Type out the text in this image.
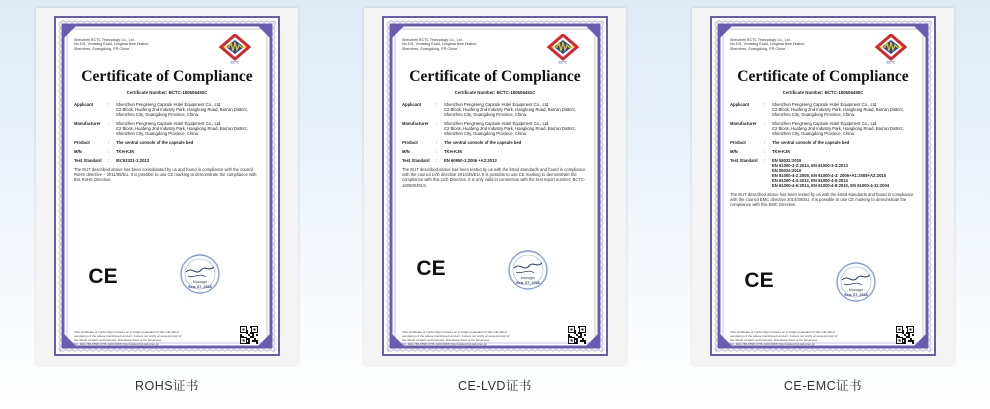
Shenzhen BCTC Technology Co., Ltd.
No.101, Youxiang Road, Longhua New District,
Shenzhen, Guangdong, P.R.China
BCTC
Certificate of Compliance
Certificate Number: BCTC-160506492C
Applicant	:	Shenzhen PengHeng Capsule Hotel Equipment Co., Ltd.
C2 Block, Huafeng 2nd Industry Park, Hangkong Road, Bao'an District,
Shenzhen City, Guangdong Province, China.
Manufacturer	:	Shenzhen PengHeng Capsule Hotel Equipment Co., Ltd.
C2 Block, Huafeng 2nd Industry Park, Hangkong Road, Bao'an District,
Shenzhen City, Guangdong Province, China.
Product	:	The central console of the capsule bed
M/N	:	TKH-KJK
Test Standard	:	IEC62321-1:2013
The EUT described above has been consolidated by us and found in compliance with the council RoHS directive – 2011/65/EU. It is possible to use CE marking to demonstrate the compliance with this RoHS Directive.
CE	Manager
Sep. 07, 2016
This certificate of conformity is based on a single evaluation of the submitted
sample(s) of the above mentioned product. It does not imply an assessment of
the whole product and relevant. Directives have to be observed.
Tel: 400-788-9558 0755-33019988 http://www.bctc-lab.com.cn
ROHS证书
Shenzhen BCTC Technology Co., Ltd.
No.101, Youxiang Road, Longhua New District,
Shenzhen, Guangdong, P.R.China
BCTC
Certificate of Compliance
Certificate Number: BCTC-160506491C
Applicant	:	Shenzhen PengHeng Capsule Hotel Equipment Co., Ltd.
C2 Block, Huafeng 2nd Industry Park, Hangkong Road, Bao'an District,
Shenzhen City, Guangdong Province, China.
Manufacturer	:	Shenzhen PengHeng Capsule Hotel Equipment Co., Ltd.
C2 Block, Huafeng 2nd Industry Park, Hangkong Road, Bao'an District,
Shenzhen City, Guangdong Province, China.
Product	:	The central console of the capsule bed
M/N	:	TKH-KJK
Test Standard	:	EN 60950-1:2006 +A2:2013
The EUT described above has been tested by us with the listed standards and found in compliance with the council LVD directive 2014/35/EU. It is possible to use CE marking to demonstrate the compliance with this LVD Directive. It is only valid in connection with the test report number: BCTC-160506491S.
CE	Manager
Sep. 07, 2016
This certificate of conformity is based on a single evaluation of the submitted
sample(s) of the above mentioned product. It does not imply an assessment of
the whole product and relevant. Directives have to be observed.
Tel: 400-788-9558 0755-33019988 http://www.bctc-lab.com.cn
CE-LVD证书
Shenzhen BCTC Technology Co., Ltd.
No.101, Youxiang Road, Longhua New District,
Shenzhen, Guangdong, P.R.China
BCTC
Certificate of Compliance
Certificate Number: BCTC-160506490C
Applicant	:	Shenzhen PengHeng Capsule Hotel Equipment Co., Ltd.
C2 Block, Huafeng 2nd Industry Park, Hangkong Road, Bao'an District,
Shenzhen City, Guangdong Province, China.
Manufacturer	:	Shenzhen PengHeng Capsule Hotel Equipment Co., Ltd.
C2 Block, Huafeng 2nd Industry Park, Hangkong Road, Bao'an District,
Shenzhen City, Guangdong Province, China.
Product	:	The central console of the capsule bed
M/N	:	TKH-KJK
Test Standard	:	EN 55032:2015
EN 61000-3-2:2014, EN 61000-3-3:2013
EN 55024:2010
EN 61000-4-2:2009, EN 61000-4-3: 2006+A1:2008+A2:2010
EN 61000-4-4:2012, EN 61000-4-5:2014
EN 61000-4-6:2014, EN 61000-4-8:2010, EN 61000-4-11:2004
The EUT described above has been tested by us with the listed standards and found in compliance with the council EMC directive 2014/30/EU. It is possible to use CE marking to demonstrate the compliance with this EMC Directive.
CE	Manager
Sep. 07, 2016
This certificate of conformity is based on a single evaluation of the submitted
sample(s) of the above mentioned product. It does not imply an assessment of
the whole product and relevant. Directives have to be observed.
Tel: 400-788-9558 0755-33019988 http://www.bctc-lab.com.cn
CE-EMC证书
